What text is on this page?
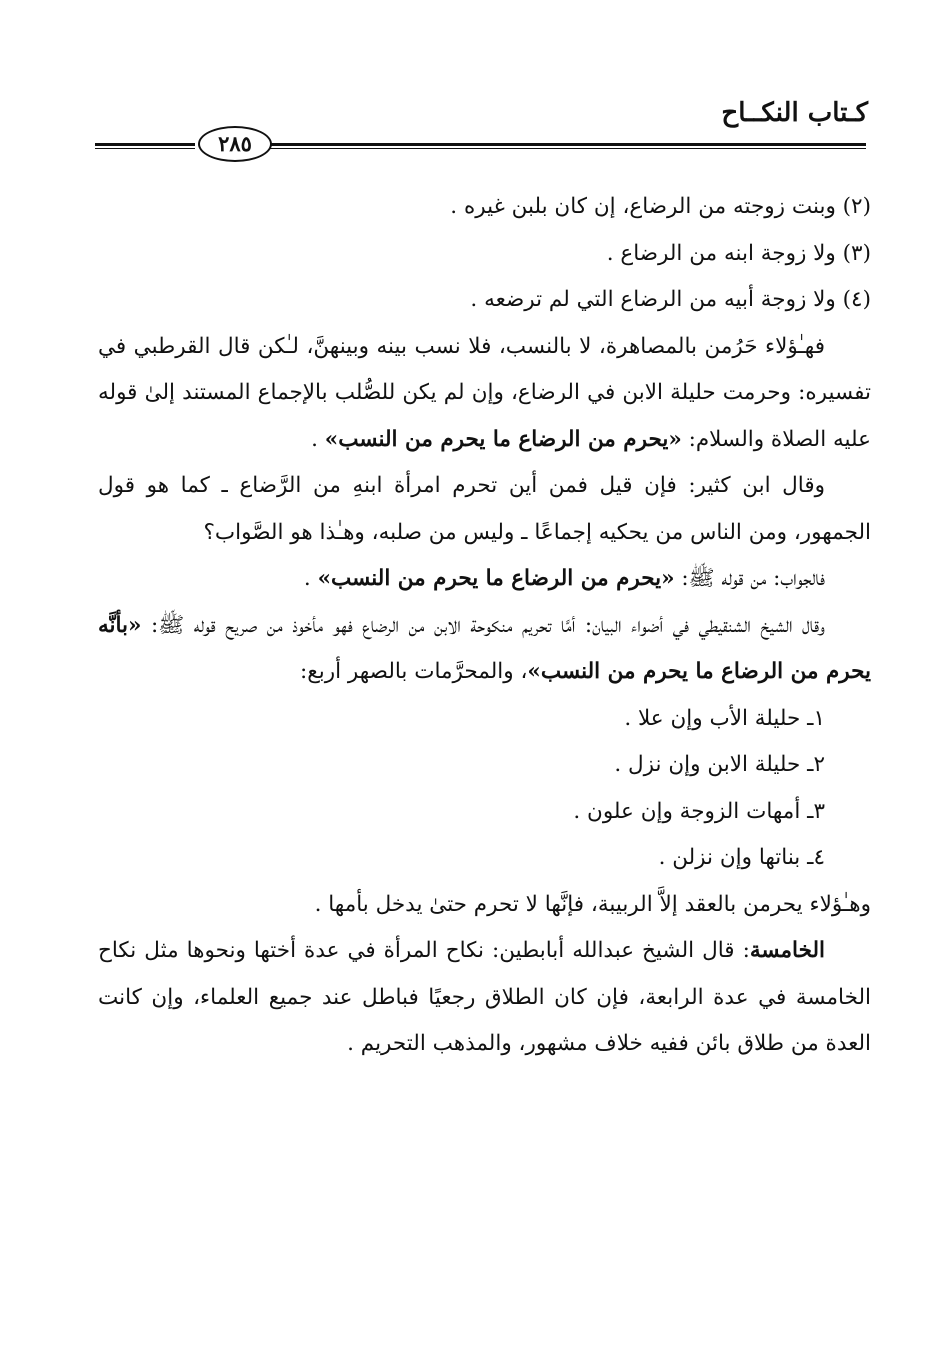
كـتاب النكــاح
٢٨٥

(٢) وبنت زوجته من الرضاع، إن كان بلبن غيره .

(٣) ولا زوجة ابنه من الرضاع .

(٤) ولا زوجة أبيه من الرضاع التي لم ترضعه .

فهـٰؤلاء حَرُمن بالمصاهرة، لا بالنسب، فلا نسب بينه وبينهنَّ، لـٰكن قال القرطبي في تفسيره: وحرمت حليلة الابن في الرضاع، وإن لم يكن للصُّلب بالإجماع المستند إلىٰ قوله عليه الصلاة والسلام: «يحرم من الرضاع ما يحرم من النسب» .

وقال ابن كثير: فإن قيل فمن أين تحرم امرأة ابنهِ من الرَّضاع ـ كما هو قول الجمهور، ومن الناس من يحكيه إجماعًا ـ وليس من صلبه، وهـٰذا هو الصَّواب؟

فالجواب: من قوله ﷺ: «يحرم من الرضاع ما يحرم من النسب» .

وقال الشيخ الشنقيطي في أضواء البيان: أمَّا تحريم منكوحة الابن من الرضاع فهو مأخوذ من صريح قوله ﷺ: «بأنَّه يحرم من الرضاع ما يحرم من النسب»، والمحرَّمات بالصهر أربع:

١ـ حليلة الأب وإن علا .

٢ـ حليلة الابن وإن نزل .

٣ـ أمهات الزوجة وإن علون .

٤ـ بناتها وإن نزلن .

وهـٰؤلاء يحرمن بالعقد إلاَّ الربيبة، فإنَّها لا تحرم حتىٰ يدخل بأمها .

الخامسة: قال الشيخ عبدالله أبابطين: نكاح المرأة في عدة أختها ونحوها مثل نكاح الخامسة في عدة الرابعة، فإن كان الطلاق رجعيًا فباطل عند جميع العلماء، وإن كانت العدة من طلاق بائن ففيه خلاف مشهور، والمذهب التحريم .
